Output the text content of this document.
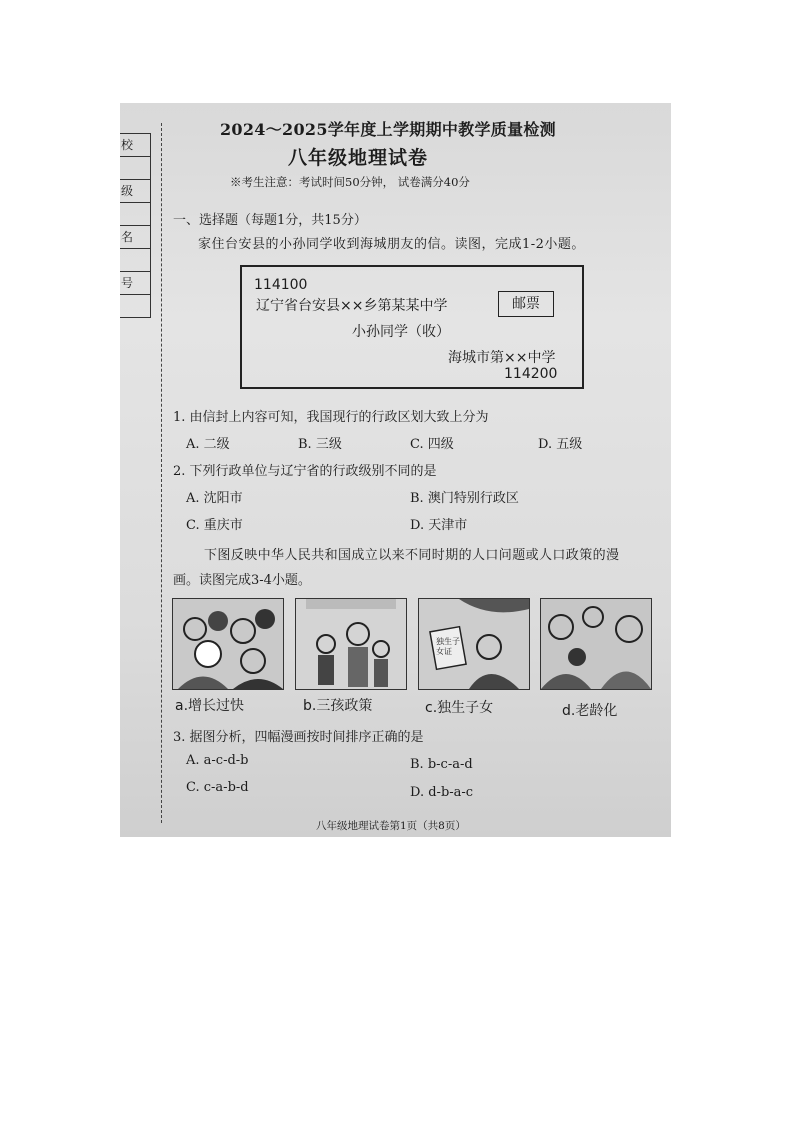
校
级
名
号
2024～2025学年度上学期期中教学质量检测
八年级地理试卷
※考生注意：考试时间50分钟， 试卷满分40分
一、选择题（每题1分，共15分）
家住台安县的小孙同学收到海城朋友的信。读图，完成1-2小题。
114100
辽宁省台安县××乡第某某中学	邮票
小孙同学（收）
海城市第××中学
114200
1. 由信封上内容可知，我国现行的行政区划大致上分为
A. 二级	B. 三级	C. 四级	D. 五级
2. 下列行政单位与辽宁省的行政级别不同的是
A. 沈阳市	B. 澳门特别行政区
C. 重庆市	D. 天津市
下图反映中华人民共和国成立以来不同时期的人口问题或人口政策的漫
画。读图完成3-4小题。
独生子女证
a.增长过快	b.三孩政策	c.独生子女	d.老龄化
3. 据图分析，四幅漫画按时间排序正确的是
A. a-c-d-b	B. b-c-a-d
C. c-a-b-d	D. d-b-a-c
八年级地理试卷第1页（共8页）
